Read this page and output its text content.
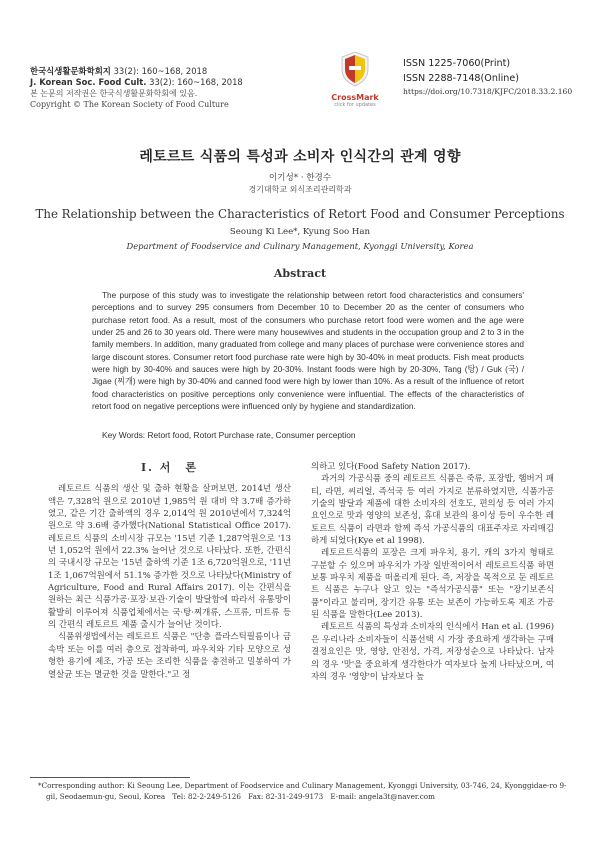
한국식생활문화학회지 33(2): 160~168, 2018
J. Korean Soc. Food Cult. 33(2): 160~168, 2018
본 논문의 저작권은 한국식생활문화학회에 있음.
Copyright © The Korean Society of Food Culture
CrossMark
click for updates
ISSN 1225-7060(Print)
ISSN 2288-7148(Online)
https://doi.org/10.7318/KJFC/2018.33.2.160
레토르트 식품의 특성과 소비자 인식간의 관계 영향
이기성* · 한경수
경기대학교 외식조리관리학과
The Relationship between the Characteristics of Retort Food and Consumer Perceptions
Seoung Ki Lee*, Kyung Soo Han
Department of Foodservice and Culinary Management, Kyonggi University, Korea
Abstract
The purpose of this study was to investigate the relationship between retort food characteristics and consumers' perceptions and to survey 295 consumers from December 10 to December 20 as the center of consumers who purchase retort food. As a result, most of the consumers who purchase retort food were women and the age were under 25 and 26 to 30 years old. There were many housewives and students in the occupation group and 2 to 3 in the family members. In addition, many graduated from college and many places of purchase were convenience stores and large discount stores. Consumer retort food purchase rate were high by 30-40% in meat products. Fish meat products were high by 30-40% and sauces were high by 20-30%. Instant foods were high by 20-30%, Tang (탕) / Guk (국) / Jigae (찌개) were high by 30-40% and canned food were high by lower than 10%. As a result of the influence of retort food characteristics on positive perceptions only convenience were influential. The effects of the characteristics of retort food on negative perceptions were influenced only by hygiene and standardization.
Key Words: Retort food, Rotort Purchase rate, Consumer perception
Ⅰ. 서　론

레토르트 식품의 생산 및 출하 현황을 살펴보면, 2014년 생산액은 7,328억 원으로 2010년 1,985억 원 대비 약 3.7배 증가하였고, 같은 기간 출하액의 경우 2,014억 원 2010년에서 7,324억 원으로 약 3.6배 증가했다(National Statistical Office 2017). 레토르트 식품의 소비시장 규모는 '15년 기준 1,287억원으로 '13년 1,052억 원에서 22.3% 늘어난 것으로 나타났다. 또한, 간편식의 국내시장 규모는 '15년 출하액 기준 1조 6,720억원으로, '11년 1조 1,067억원에서 51.1% 증가한 것으로 나타났다(Ministry of Agriculture, Food and Rural Affairs 2017). 이는 간편식을 원하는 최근 식품가공·포장·보관·기술이 발달함에 따라서 유통망이 활발히 이루어져 식품업체에서는 국·탕·찌개류, 스프류, 미트류 등의 간편식 레토르트 제품 출시가 늘어난 것이다.

식품위생법에서는 레토르트 식품은 "단층 플라스틱필름이나 금속박 또는 이를 여러 층으로 접착하여, 파우치와 기타 모양으로 성형한 용기에 제조, 가공 또는 조리한 식품을 충전하고 밀봉하여 가열살균 또는 멸균한 것을 말한다."고 정

의하고 있다(Food Safety Nation 2017).

과거의 가공식품 중의 레토르트 식품은 죽류, 포장밥, 햄버거 패티, 라면, 씨리얼, 즉석국 등 여러 가지로 분류하였지만, 식품가공기술의 발달과 제품에 대한 소비자의 선호도, 편의성 등 여러 가지 요인으로 맛과 영양의 보존성, 휴대 보관의 용이성 등이 우수한 레토르트 식품이 라면과 함께 즉석 가공식품의 대표주자로 자리매김 하게 되었다(Kye et al 1998).

레토르트식품의 포장은 크게 파우치, 용기, 캐의 3가지 형태로 구분할 수 있으며 파우치가 가장 일반적이어서 레토르트식품 하면 보통 파우치 제품을 떠올리게 된다. 즉, 저장을 목적으로 둔 레토르트 식품은 누구나 알고 있는 "즉석가공식품" 또는 "장기보존식품"이라고 불리며, 장기간 유통 또는 보존이 가능하도록 제조 가공된 식품을 말한다(Lee 2013).

레토르트 식품의 특성과 소비자의 인식에서 Han et al. (1996)은 우리나라 소비자들이 식품선택 시 가장 중요하게 생각하는 구매 결정요인은 맛, 영양, 안전성, 가격, 저장성순으로 나타났다. 남자의 경우 '맛'을 중요하게 생각한다가 여자보다 높게 나타났으며, 여자의 경우 '영양'이 남자보다 높

*Corresponding author: Ki Seoung Lee, Department of Foodservice and Culinary Management, Kyonggi University, 03-746, 24, Kyonggidae-ro 9-gil, Seodaemun-gu, Seoul, Korea　Tel: 82-2-249-5126　Fax: 82-31-249-9173　E-mail: angela3t@naver.com
